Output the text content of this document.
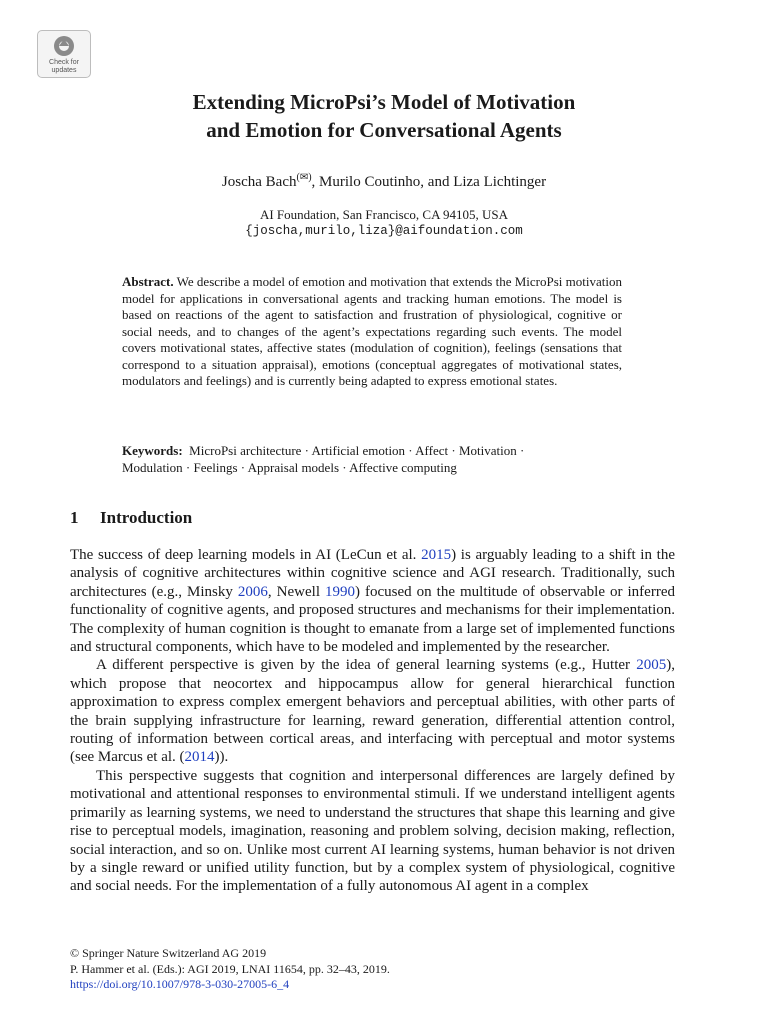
Check for updates
Extending MicroPsi’s Model of Motivation
and Emotion for Conversational Agents
Joscha Bach(✉), Murilo Coutinho, and Liza Lichtinger
AI Foundation, San Francisco, CA 94105, USA
{joscha,murilo,liza}@aifoundation.com

Abstract. We describe a model of emotion and motivation that extends the MicroPsi motivation model for applications in conversational agents and tracking human emotions. The model is based on reactions of the agent to satisfaction and frustration of physiological, cognitive or social needs, and to changes of the agent’s expectations regarding such events. The model covers motivational states, affective states (modulation of cognition), feelings (sensations that correspond to a situation appraisal), emotions (conceptual aggregates of motivational states, modulators and feelings) and is currently being adapted to express emotional states.

Keywords: MicroPsi architecture · Artificial emotion · Affect · Motivation ·
Modulation · Feelings · Appraisal models · Affective computing
1 Introduction

The success of deep learning models in AI (LeCun et al. 2015) is arguably leading to a shift in the analysis of cognitive architectures within cognitive science and AGI research. Traditionally, such architectures (e.g., Minsky 2006, Newell 1990) focused on the multitude of observable or inferred functionality of cognitive agents, and proposed structures and mechanisms for their implementation. The complexity of human cognition is thought to emanate from a large set of implemented functions and structural components, which have to be modeled and implemented by the researcher.

A different perspective is given by the idea of general learning systems (e.g., Hutter 2005), which propose that neocortex and hippocampus allow for general hierarchical function approximation to express complex emergent behaviors and perceptual abilities, with other parts of the brain supplying infrastructure for learning, reward generation, differential attention control, routing of information between cortical areas, and interfacing with perceptual and motor systems (see Marcus et al. (2014)).

This perspective suggests that cognition and interpersonal differences are largely defined by motivational and attentional responses to environmental stimuli. If we understand intelligent agents primarily as learning systems, we need to understand the structures that shape this learning and give rise to perceptual models, imagination, reasoning and problem solving, decision making, reflection, social interaction, and so on. Unlike most current AI learning systems, human behavior is not driven by a single reward or unified utility function, but by a complex system of physiological, cognitive and social needs. For the implementation of a fully autonomous AI agent in a complex

© Springer Nature Switzerland AG 2019
P. Hammer et al. (Eds.): AGI 2019, LNAI 11654, pp. 32–43, 2019.
https://doi.org/10.1007/978-3-030-27005-6_4
